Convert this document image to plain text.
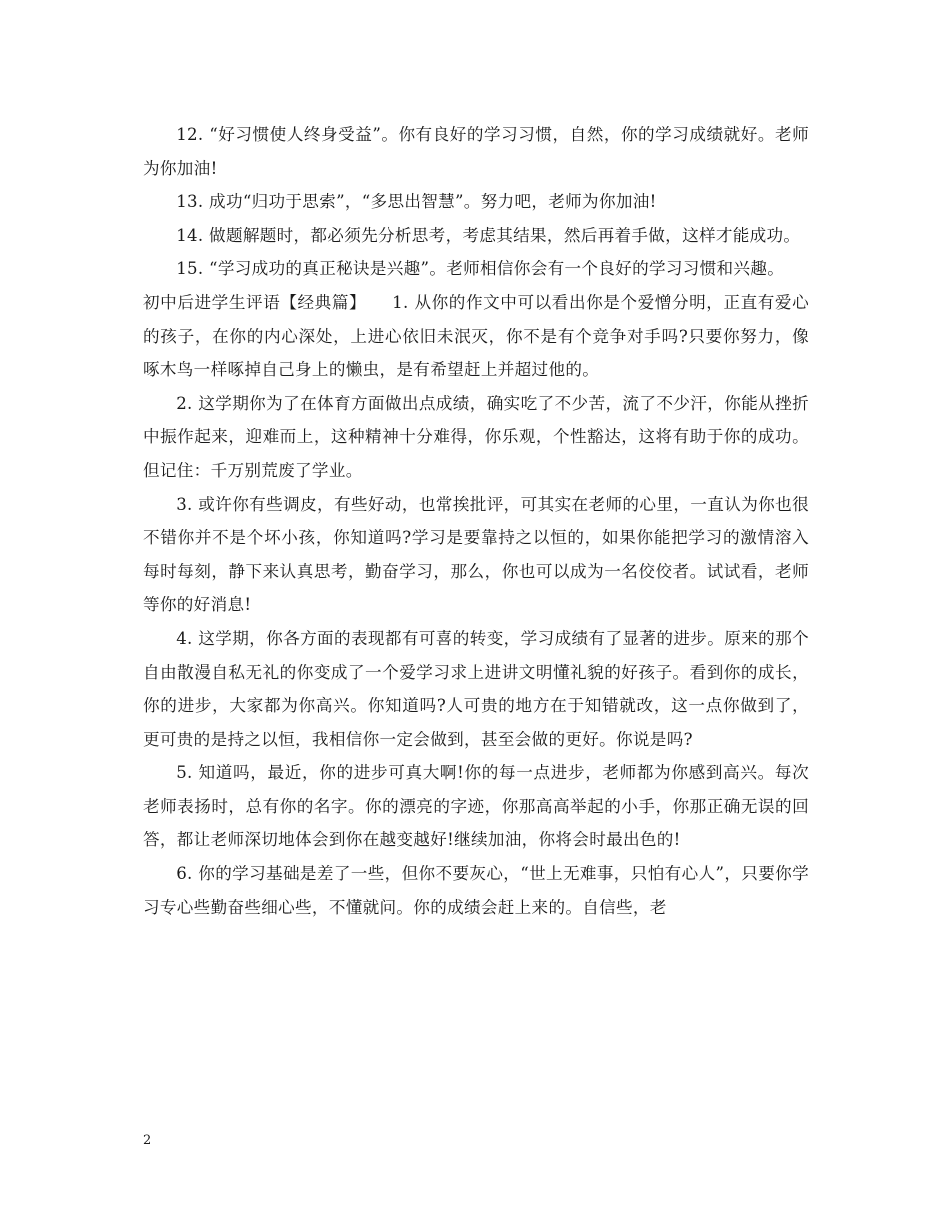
12. “好习惯使人终身受益”。你有良好的学习习惯，自然，你的学习成绩就好。老师为你加油!

13. 成功“归功于思索”，“多思出智慧”。努力吧，老师为你加油!

14. 做题解题时，都必须先分析思考，考虑其结果，然后再着手做，这样才能成功。

15. “学习成功的真正秘诀是兴趣”。老师相信你会有一个良好的学习习惯和兴趣。

初中后进学生评语【经典篇】　　1. 从你的作文中可以看出你是个爱憎分明，正直有爱心的孩子，在你的内心深处，上进心依旧未泯灭，你不是有个竞争对手吗?只要你努力，像啄木鸟一样啄掉自己身上的懒虫，是有希望赶上并超过他的。

2. 这学期你为了在体育方面做出点成绩，确实吃了不少苦，流了不少汗，你能从挫折中振作起来，迎难而上，这种精神十分难得，你乐观，个性豁达，这将有助于你的成功。但记住：千万别荒废了学业。

3. 或许你有些调皮，有些好动，也常挨批评，可其实在老师的心里，一直认为你也很不错你并不是个坏小孩，你知道吗?学习是要靠持之以恒的，如果你能把学习的激情溶入每时每刻，静下来认真思考，勤奋学习，那么，你也可以成为一名佼佼者。试试看，老师等你的好消息!

4. 这学期，你各方面的表现都有可喜的转变，学习成绩有了显著的进步。原来的那个自由散漫自私无礼的你变成了一个爱学习求上进讲文明懂礼貌的好孩子。看到你的成长，你的进步，大家都为你高兴。你知道吗?人可贵的地方在于知错就改，这一点你做到了，更可贵的是持之以恒，我相信你一定会做到，甚至会做的更好。你说是吗?

5. 知道吗，最近，你的进步可真大啊!你的每一点进步，老师都为你感到高兴。每次老师表扬时，总有你的名字。你的漂亮的字迹，你那高高举起的小手，你那正确无误的回答，都让老师深切地体会到你在越变越好!继续加油，你将会时最出色的!

6. 你的学习基础是差了一些，但你不要灰心，“世上无难事，只怕有心人”，只要你学习专心些勤奋些细心些，不懂就问。你的成绩会赶上来的。自信些，老

2
